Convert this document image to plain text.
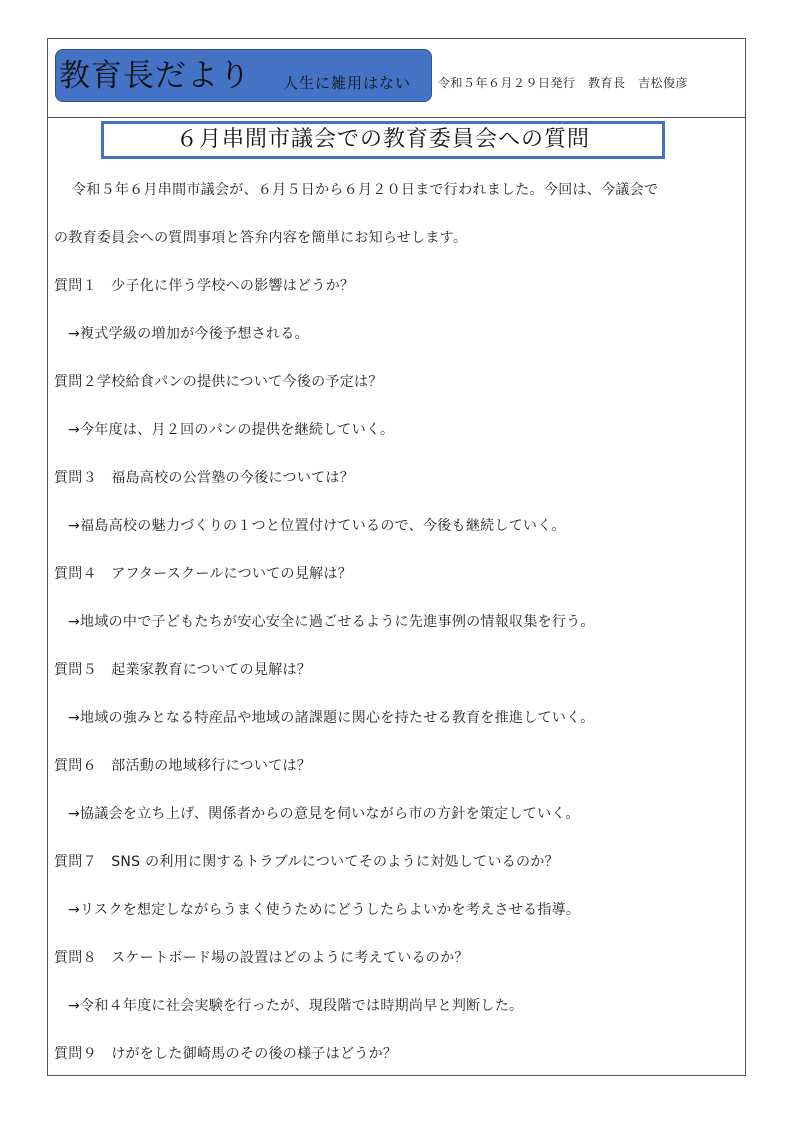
教育長だより 人生に雑用はない 令和５年６月２９日発行　教育長　吉松俊彦
６月串間市議会での教育委員会への質問
令和５年６月串間市議会が、６月５日から６月２０日まで行われました。今回は、今議会で
の教育委員会への質問事項と答弁内容を簡単にお知らせします。
質問１　少子化に伴う学校への影響はどうか？
→複式学級の増加が今後予想される。
質問２学校給食パンの提供について今後の予定は？
→今年度は、月２回のパンの提供を継続していく。
質問３　福島高校の公営塾の今後については？
→福島高校の魅力づくりの１つと位置付けているので、今後も継続していく。
質問４　アフタースクールについての見解は？
→地域の中で子どもたちが安心安全に過ごせるように先進事例の情報収集を行う。
質問５　起業家教育についての見解は？
→地域の強みとなる特産品や地域の諸課題に関心を持たせる教育を推進していく。
質問６　部活動の地域移行については？
→協議会を立ち上げ、関係者からの意見を伺いながら市の方針を策定していく。
質問７　SNS の利用に関するトラブルについてそのように対処しているのか？
→リスクを想定しながらうまく使うためにどうしたらよいかを考えさせる指導。
質問８　スケートボード場の設置はどのように考えているのか？
→令和４年度に社会実験を行ったが、現段階では時期尚早と判断した。
質問９　けがをした御崎馬のその後の様子はどうか？
